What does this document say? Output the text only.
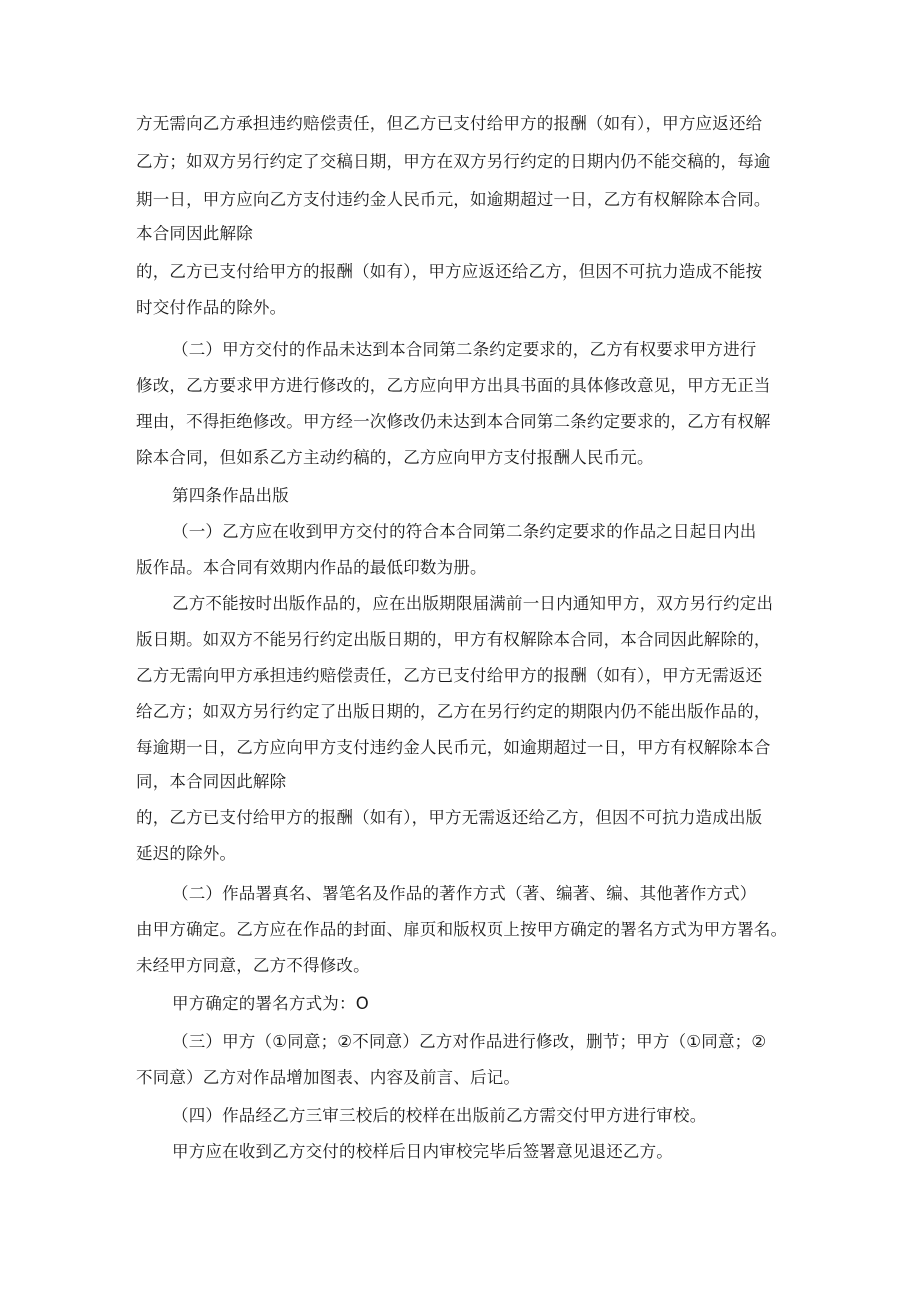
方无需向乙方承担违约赔偿责任，但乙方已支付给甲方的报酬（如有），甲方应返还给
乙方；如双方另行约定了交稿日期，甲方在双方另行约定的日期内仍不能交稿的，每逾
期一日，甲方应向乙方支付违约金人民币元，如逾期超过一日，乙方有权解除本合同。
本合同因此解除
的，乙方已支付给甲方的报酬（如有），甲方应返还给乙方，但因不可抗力造成不能按
时交付作品的除外。
（二）甲方交付的作品未达到本合同第二条约定要求的，乙方有权要求甲方进行
修改，乙方要求甲方进行修改的，乙方应向甲方出具书面的具体修改意见，甲方无正当
理由，不得拒绝修改。甲方经一次修改仍未达到本合同第二条约定要求的，乙方有权解
除本合同，但如系乙方主动约稿的，乙方应向甲方支付报酬人民币元。
第四条作品出版
（一）乙方应在收到甲方交付的符合本合同第二条约定要求的作品之日起日内出
版作品。本合同有效期内作品的最低印数为册。
乙方不能按时出版作品的，应在出版期限届满前一日内通知甲方，双方另行约定出
版日期。如双方不能另行约定出版日期的，甲方有权解除本合同，本合同因此解除的，
乙方无需向甲方承担违约赔偿责任，乙方已支付给甲方的报酬（如有），甲方无需返还
给乙方；如双方另行约定了出版日期的，乙方在另行约定的期限内仍不能出版作品的，
每逾期一日，乙方应向甲方支付违约金人民币元，如逾期超过一日，甲方有权解除本合
同，本合同因此解除
的，乙方已支付给甲方的报酬（如有），甲方无需返还给乙方，但因不可抗力造成出版
延迟的除外。
（二）作品署真名、署笔名及作品的著作方式（著、编著、编、其他著作方式）
由甲方确定。乙方应在作品的封面、扉页和版权页上按甲方确定的署名方式为甲方署名。
未经甲方同意，乙方不得修改。
甲方确定的署名方式为：O
（三）甲方（①同意；②不同意）乙方对作品进行修改，删节；甲方（①同意；②
不同意）乙方对作品增加图表、内容及前言、后记。
（四）作品经乙方三审三校后的校样在出版前乙方需交付甲方进行审校。
甲方应在收到乙方交付的校样后日内审校完毕后签署意见退还乙方。
